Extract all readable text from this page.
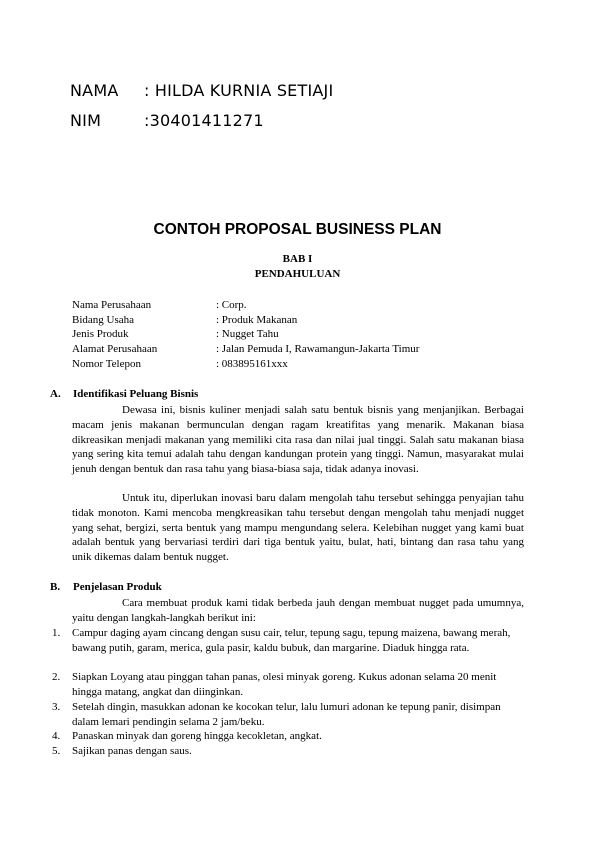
NAMA : HILDA KURNIA SETIAJI
NIM	:30401411271
CONTOH PROPOSAL BUSINESS PLAN
BAB I
PENDAHULUAN
Nama Perusahaan	: Corp.
Bidang Usaha	: Produk Makanan
Jenis Produk	: Nugget Tahu
Alamat Perusahaan	: Jalan Pemuda I, Rawamangun-Jakarta Timur
Nomor Telepon	: 083895161xxx
A. Identifikasi Peluang Bisnis

Dewasa ini, bisnis kuliner menjadi salah satu bentuk bisnis yang menjanjikan. Berbagai macam jenis makanan bermunculan dengan ragam kreatifitas yang menarik. Makanan biasa dikreasikan menjadi makanan yang memiliki cita rasa dan nilai jual tinggi. Salah satu makanan biasa yang sering kita temui adalah tahu dengan kandungan protein yang tinggi. Namun, masyarakat mulai jenuh dengan bentuk dan rasa tahu yang biasa-biasa saja, tidak adanya inovasi.

Untuk itu, diperlukan inovasi baru dalam mengolah tahu tersebut sehingga penyajian tahu tidak monoton. Kami mencoba mengkreasikan tahu tersebut dengan mengolah tahu menjadi nugget yang sehat, bergizi, serta bentuk yang mampu mengundang selera. Kelebihan nugget yang kami buat adalah bentuk yang bervariasi terdiri dari tiga bentuk yaitu, bulat, hati, bintang dan rasa tahu yang unik dikemas dalam bentuk nugget.

B. Penjelasan Produk

Cara membuat produk kami tidak berbeda jauh dengan membuat nugget pada umumnya, yaitu dengan langkah-langkah berikut ini:

1. Campur daging ayam cincang dengan susu cair, telur, tepung sagu, tepung maizena, bawang merah, bawang putih, garam, merica, gula pasir, kaldu bubuk, dan margarine. Diaduk hingga rata.
2. Siapkan Loyang atau pinggan tahan panas, olesi minyak goreng. Kukus adonan selama 20 menit hingga matang, angkat dan diinginkan.
3. Setelah dingin, masukkan adonan ke kocokan telur, lalu lumuri adonan ke tepung panir, disimpan dalam lemari pendingin selama 2 jam/beku.
4. Panaskan minyak dan goreng hingga kecokletan, angkat.
5. Sajikan panas dengan saus.
